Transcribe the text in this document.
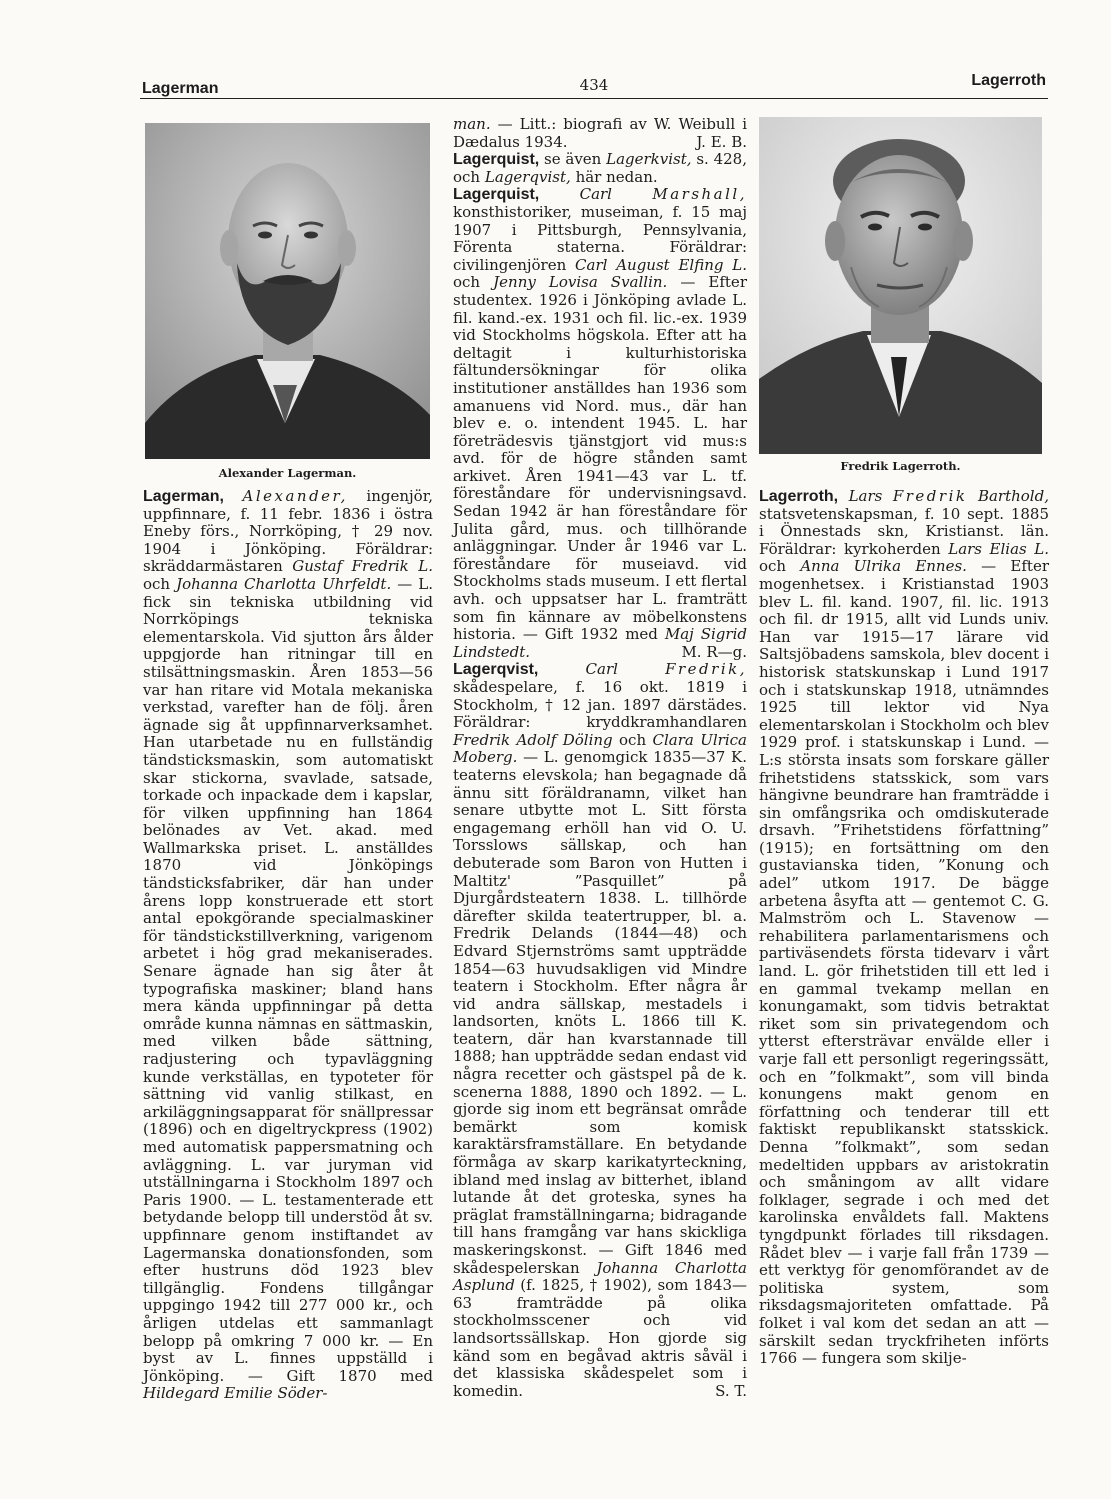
Lagerman	434	Lagerroth
Alexander Lagerman.	Fredrik Lagerroth.

Lagerman, Alexander, ingenjör, uppfinnare, f. 11 febr. 1836 i östra Eneby förs., Norrköping, † 29 nov. 1904 i Jönköping. Föräldrar: skräddarmästaren Gustaf Fredrik L. och Johanna Charlotta Uhrfeldt. — L. fick sin tekniska utbildning vid Norrköpings tekniska elementarskola. Vid sjutton års ålder uppgjorde han ritningar till en stilsättningsmaskin. Åren 1853—56 var han ritare vid Motala mekaniska verkstad, varefter han de följ. åren ägnade sig åt uppfinnarverksamhet. Han utarbetade nu en fullständig tändsticksmaskin, som automatiskt skar stickorna, svavlade, satsade, torkade och inpackade dem i kapslar, för vilken uppfinning han 1864 belönades av Vet. akad. med Wallmarkska priset. L. anställdes 1870 vid Jönköpings tändsticksfabriker, där han under årens lopp konstruerade ett stort antal epokgörande specialmaskiner för tändstickstillverkning, varigenom arbetet i hög grad mekaniserades. Senare ägnade han sig åter åt typografiska maskiner; bland hans mera kända uppfinningar på detta område kunna nämnas en sättmaskin, med vilken både sättning, radjustering och typavläggning kunde verkställas, en typoteter för sättning vid vanlig stilkast, en arkiläggningsapparat för snällpressar (1896) och en digeltryckpress (1902) med automatisk pappersmatning och avläggning. L. var juryman vid utställningarna i Stockholm 1897 och Paris 1900. — L. testamenterade ett betydande belopp till understöd åt sv. uppfinnare genom instiftandet av Lagermanska donationsfonden, som efter hustruns död 1923 blev tillgänglig. Fondens tillgångar uppgingo 1942 till 277 000 kr., och årligen utdelas ett sammanlagt belopp på omkring 7 000 kr. — En byst av L. finnes uppställd i Jönköping. — Gift 1870 med Hildegard Emilie Söder-

man. — Litt.: biografi av W. Weibull i Dædalus 1934.	J. E. B.

Lagerquist, se även Lagerkvist, s. 428, och Lagerqvist, här nedan.

Lagerquist,	Carl	Marshall, konsthistoriker, museiman, f. 15 maj 1907 i Pittsburgh, Pennsylvania, Förenta staterna. Föräldrar: civilingenjören Carl August Elfing L. och Jenny Lovisa Svallin. — Efter studentex. 1926 i Jönköping avlade L. fil. kand.-ex. 1931 och fil. lic.-ex. 1939 vid Stockholms högskola. Efter att ha deltagit i kulturhistoriska fältundersökningar för olika institutioner anställdes han 1936 som amanuens vid Nord. mus., där han blev e. o. intendent 1945. L. har företrädesvis tjänstgjort vid mus:s avd. för de högre stånden samt arkivet. Åren 1941—43 var L. tf. föreståndare för undervisningsavd. Sedan 1942 är han föreståndare för Julita gård, mus. och tillhörande anläggningar. Under år 1946 var L. föreståndare för museiavd. vid Stockholms stads museum. I ett flertal avh. och uppsatser har L. framträtt som fin kännare av möbelkonstens historia. — Gift 1932 med Maj Sigrid Lindstedt.	M. R—g.

Lagerqvist,	Carl	Fredrik, skådespelare, f. 16 okt. 1819 i Stockholm, † 12 jan. 1897 därstädes. Föräldrar: kryddkramhandlaren Fredrik Adolf Döling och Clara Ulrica Moberg. — L. genomgick 1835—37 K. teaterns elevskola; han begagnade då ännu sitt föräldranamn, vilket han senare utbytte mot L. Sitt första engagemang erhöll han vid O. U. Torsslows sällskap, och han debuterade som Baron von Hutten i Maltitz' ”Pasquillet” på Djurgårdsteatern 1838. L. tillhörde därefter skilda teatertrupper, bl. a. Fredrik Delands (1844—48) och Edvard Stjernströms samt uppträdde 1854—63 huvudsakligen vid Mindre teatern i Stockholm. Efter några år vid andra sällskap, mestadels i landsorten, knöts L. 1866 till K. teatern, där han kvarstannade till 1888; han uppträdde sedan endast vid några recetter och gästspel på de k. scenerna 1888, 1890 och 1892. — L. gjorde sig inom ett begränsat område bemärkt som komisk karaktärsframställare. En betydande förmåga av skarp karikatyrteckning, ibland med inslag av bitterhet, ibland lutande åt det groteska, synes ha präglat framställningarna; bidragande till hans framgång var hans skickliga maskeringskonst. — Gift 1846 med skådespelerskan Johanna Charlotta Asplund (f. 1825, † 1902), som 1843—63 framträdde på olika stockholmsscener och vid landsortssällskap. Hon gjorde sig känd som en begåvad aktris såväl i det klassiska skådespelet som i komedin.	S. T.

Lagerroth, Lars Fredrik Barthold, statsvetenskapsman, f. 10 sept. 1885 i Önnestads skn, Kristianst. län. Föräldrar: kyrkoherden Lars Elias L. och Anna Ulrika Ennes. — Efter mogenhetsex. i Kristianstad 1903 blev L. fil. kand. 1907, fil. lic. 1913 och fil. dr 1915, allt vid Lunds univ. Han var 1915—17 lärare vid Saltsjöbadens samskola, blev docent i historisk statskunskap i Lund 1917 och i statskunskap 1918, utnämndes 1925 till lektor vid Nya elementarskolan i Stockholm och blev 1929 prof. i statskunskap i Lund. — L:s största insats som forskare gäller frihetstidens statsskick, som vars hängivne beundrare han framträdde i sin omfångsrika och omdiskuterade drsavh. ”Frihetstidens författning” (1915); en fortsättning om den gustavianska tiden, ”Konung och adel” utkom 1917. De bägge arbetena åsyfta att — gentemot C. G. Malmström och L. Stavenow — rehabilitera parlamentarismens och partiväsendets första tidevarv i vårt land. L. gör frihetstiden till ett led i en gammal tvekamp mellan en konungamakt, som tidvis betraktat riket som sin privategendom och ytterst eftersträvar envälde eller i varje fall ett personligt regeringssätt, och en ”folkmakt”, som vill binda konungens makt genom en författning och tenderar till ett faktiskt republikanskt statsskick. Denna ”folkmakt”, som sedan medeltiden uppbars av aristokratin och småningom av allt vidare folklager, segrade i och med det karolinska envåldets fall. Maktens tyngdpunkt förlades till riksdagen. Rådet blev — i varje fall från 1739 — ett verktyg för genomförandet av de politiska system, som riksdagsmajoriteten omfattade. På folket i val kom det sedan an att — särskilt sedan tryckfriheten införts 1766 — fungera som skilje-
